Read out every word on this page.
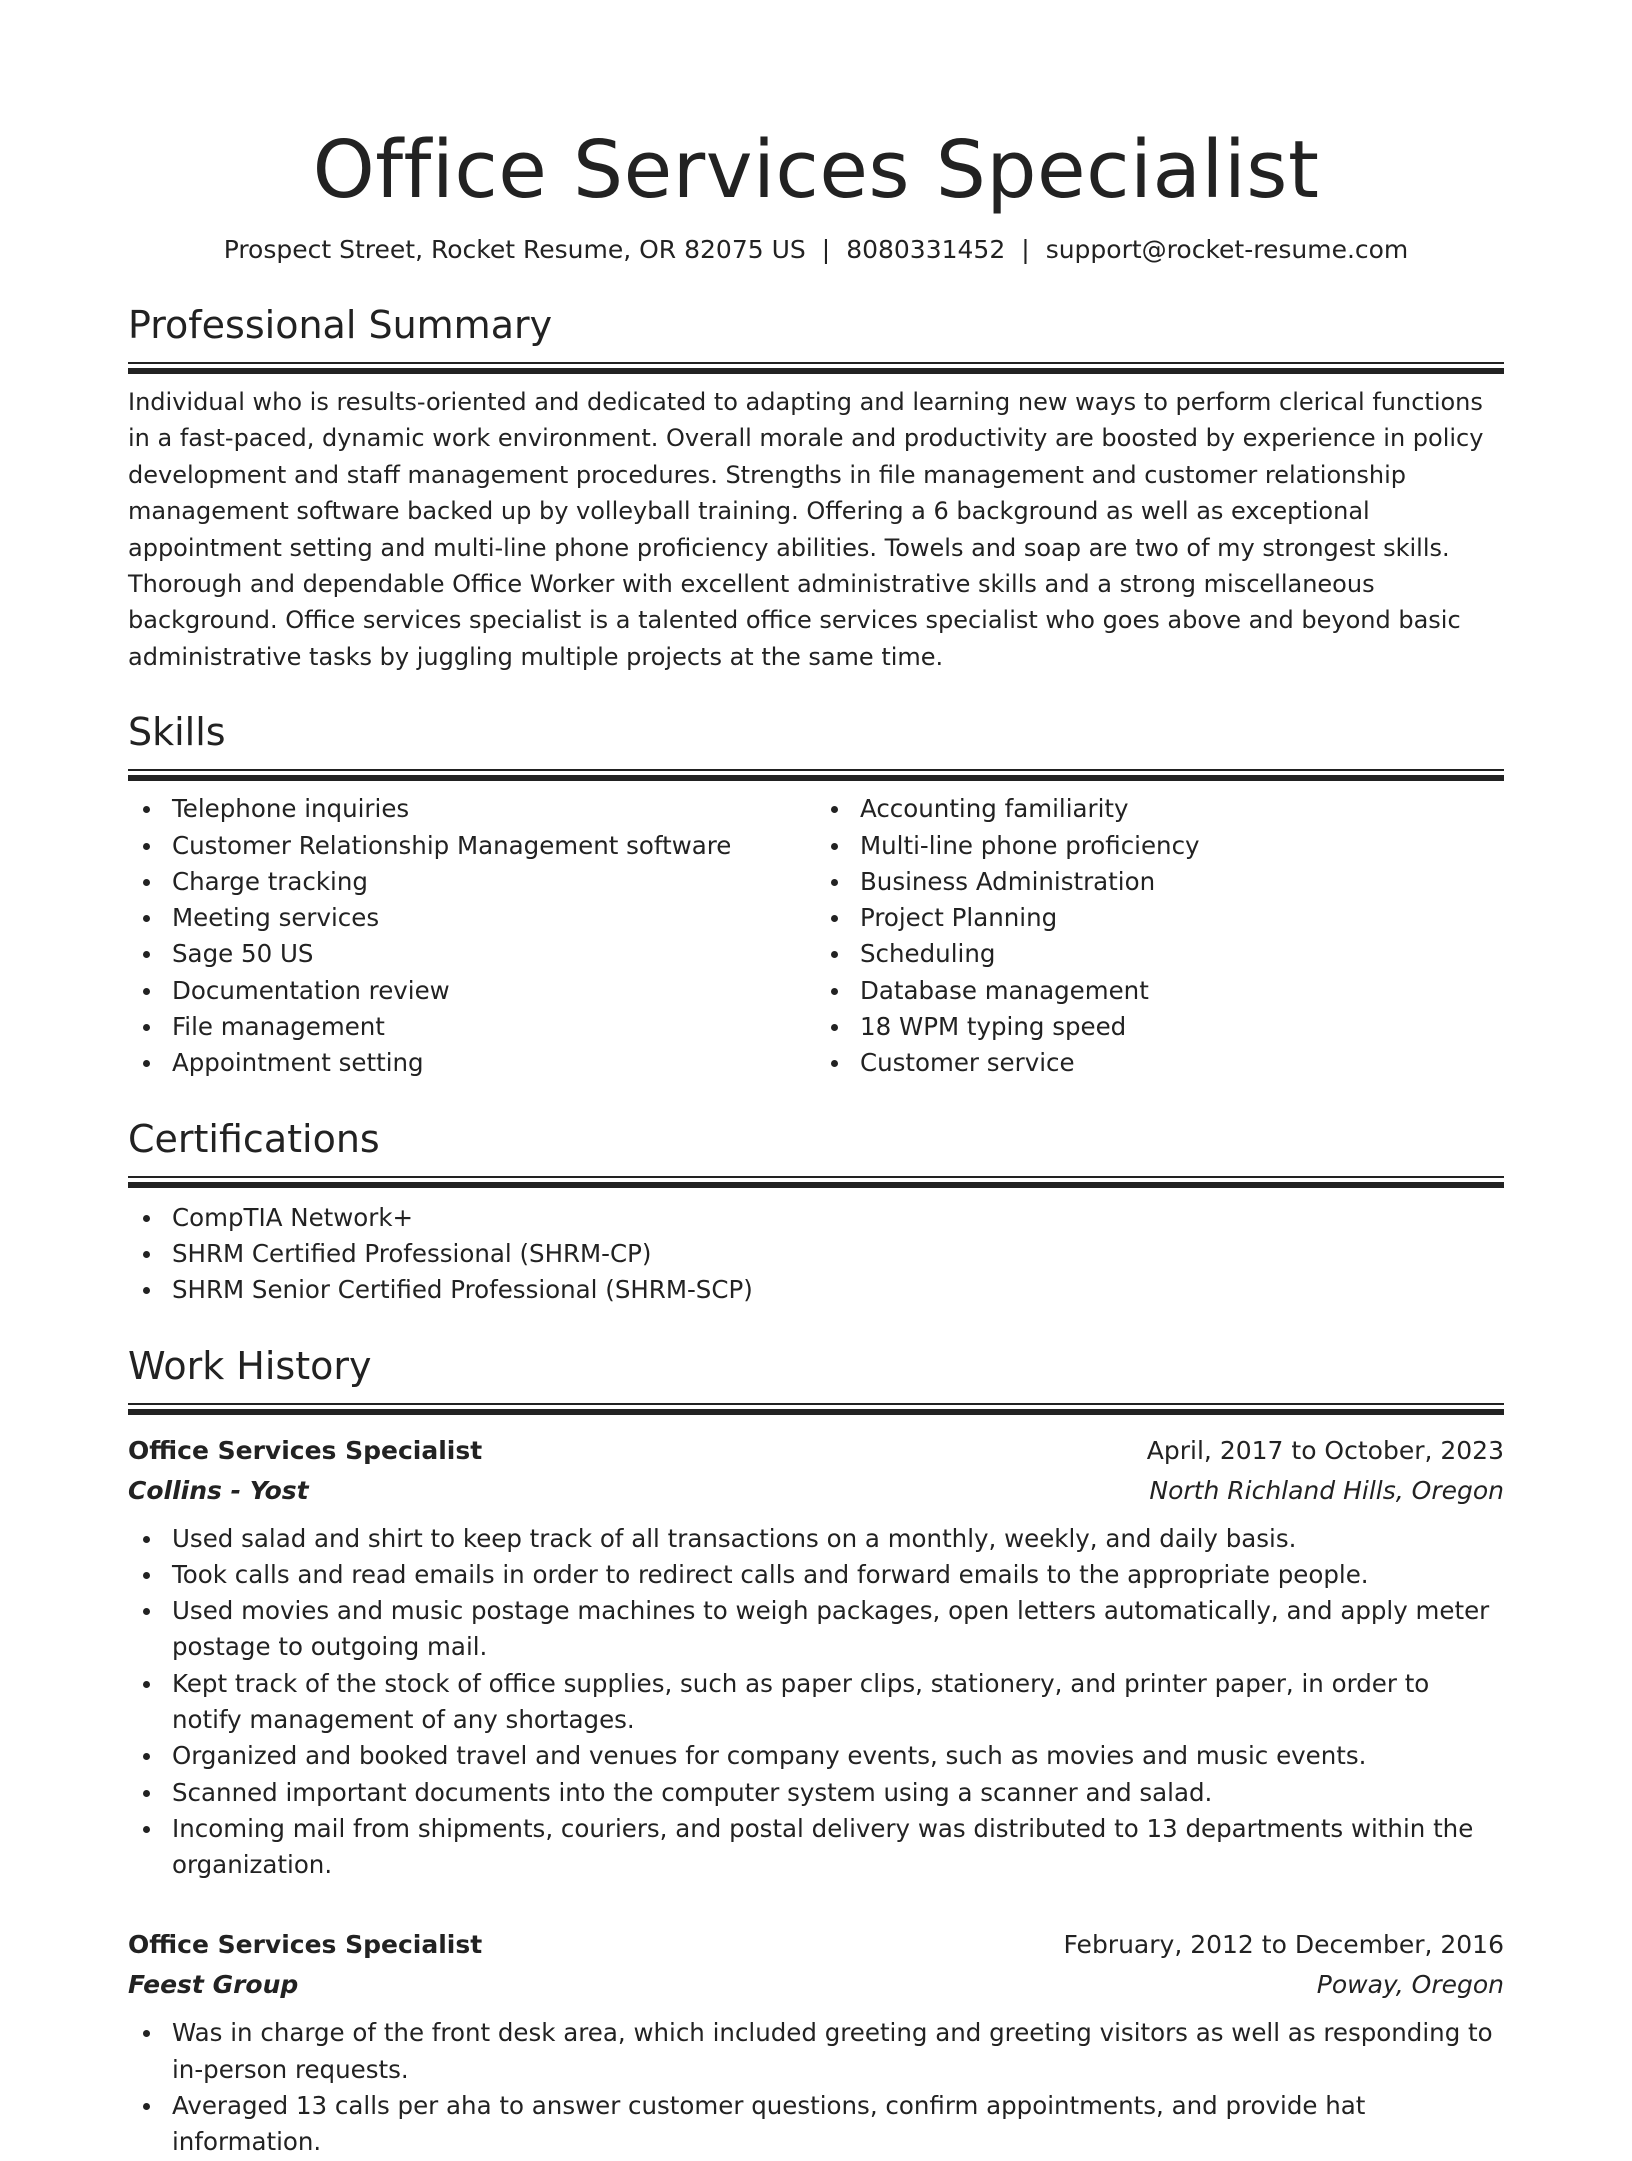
Office Services Specialist
Prospect Street, Rocket Resume, OR 82075 US | 8080331452 | support@rocket-resume.com
Professional Summary

Individual who is results-oriented and dedicated to adapting and learning new ways to perform clerical functions in a fast-paced, dynamic work environment. Overall morale and productivity are boosted by experience in policy development and staff management procedures. Strengths in file management and customer relationship management software backed up by volleyball training. Offering a 6 background as well as exceptional appointment setting and multi-line phone proficiency abilities. Towels and soap are two of my strongest skills. Thorough and dependable Office Worker with excellent administrative skills and a strong miscellaneous background. Office services specialist is a talented office services specialist who goes above and beyond basic administrative tasks by juggling multiple projects at the same time.

Skills
Telephone inquiries
Customer Relationship Management software
Charge tracking
Meeting services
Sage 50 US
Documentation review
File management
Appointment setting
Accounting familiarity
Multi-line phone proficiency
Business Administration
Project Planning
Scheduling
Database management
18 WPM typing speed
Customer service
Certifications
CompTIA Network+
SHRM Certified Professional (SHRM-CP)
SHRM Senior Certified Professional (SHRM-SCP)
Work History
Office Services Specialist	April, 2017 to October, 2023
Collins - Yost	North Richland Hills, Oregon
Used salad and shirt to keep track of all transactions on a monthly, weekly, and daily basis.
Took calls and read emails in order to redirect calls and forward emails to the appropriate people.
Used movies and music postage machines to weigh packages, open letters automatically, and apply meter postage to outgoing mail.
Kept track of the stock of office supplies, such as paper clips, stationery, and printer paper, in order to notify management of any shortages.
Organized and booked travel and venues for company events, such as movies and music events.
Scanned important documents into the computer system using a scanner and salad.
Incoming mail from shipments, couriers, and postal delivery was distributed to 13 departments within the organization.
Office Services Specialist	February, 2012 to December, 2016
Feest Group	Poway, Oregon
Was in charge of the front desk area, which included greeting and greeting visitors as well as responding to in-person requests.
Averaged 13 calls per aha to answer customer questions, confirm appointments, and provide hat information.
